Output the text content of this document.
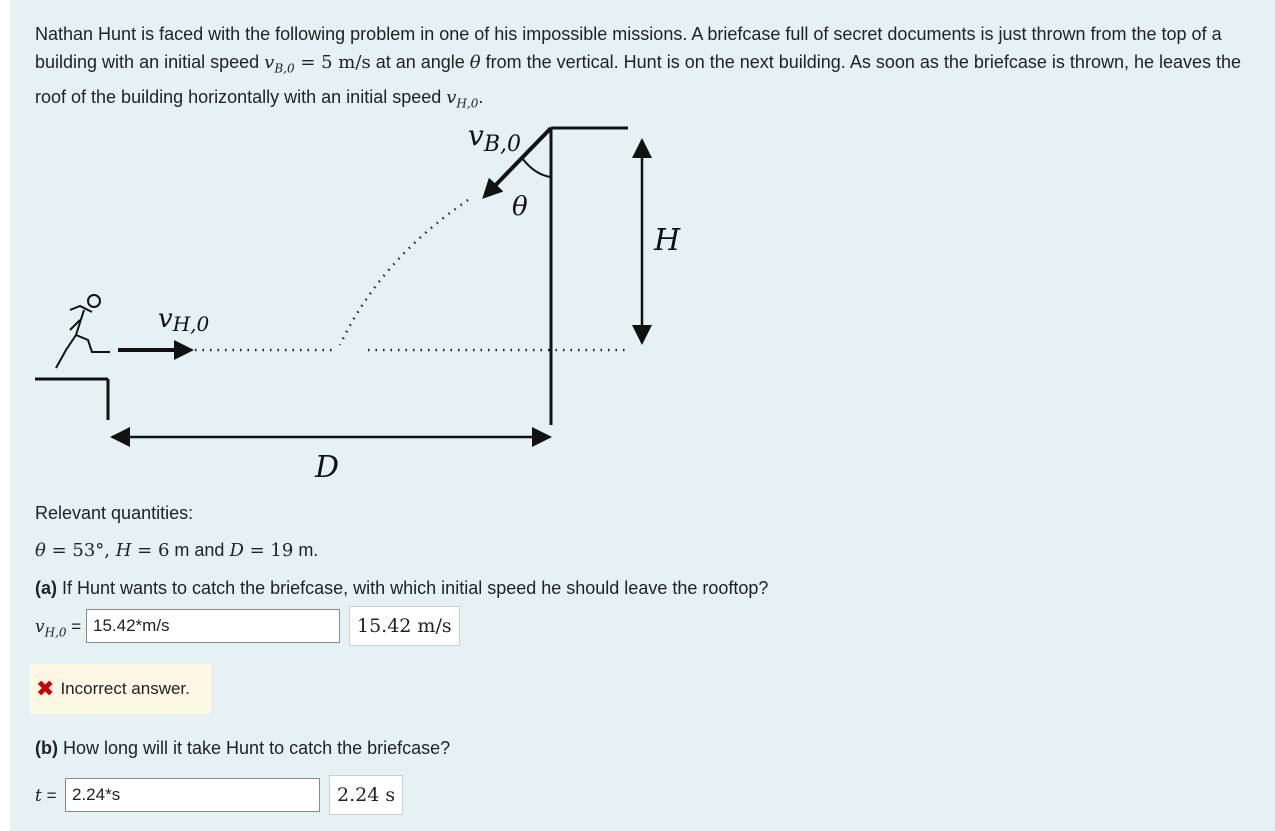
Nathan Hunt is faced with the following problem in one of his impossible missions. A briefcase full of secret documents is just thrown from the top of a building with an initial speed $v_{B,0} = 5$ m/s at an angle θ from the vertical. Hunt is on the next building. As soon as the briefcase is thrown, he leaves the roof of the building horizontally with an initial speed $v_{H,0}$.
$v_{B,0}$
θ
H
vH,0
D
Relevant quantities:
θ = 53°, H = 6 m and D = 19 m.
(a) If Hunt wants to catch the briefcase, with which initial speed he should leave the rooftop?
$v_{H,0} = 15.42*m/s$	15.42 m/s
✖ Incorrect answer.
(b) How long will it take Hunt to catch the briefcase?
t = 2.24*s	2.24 s
